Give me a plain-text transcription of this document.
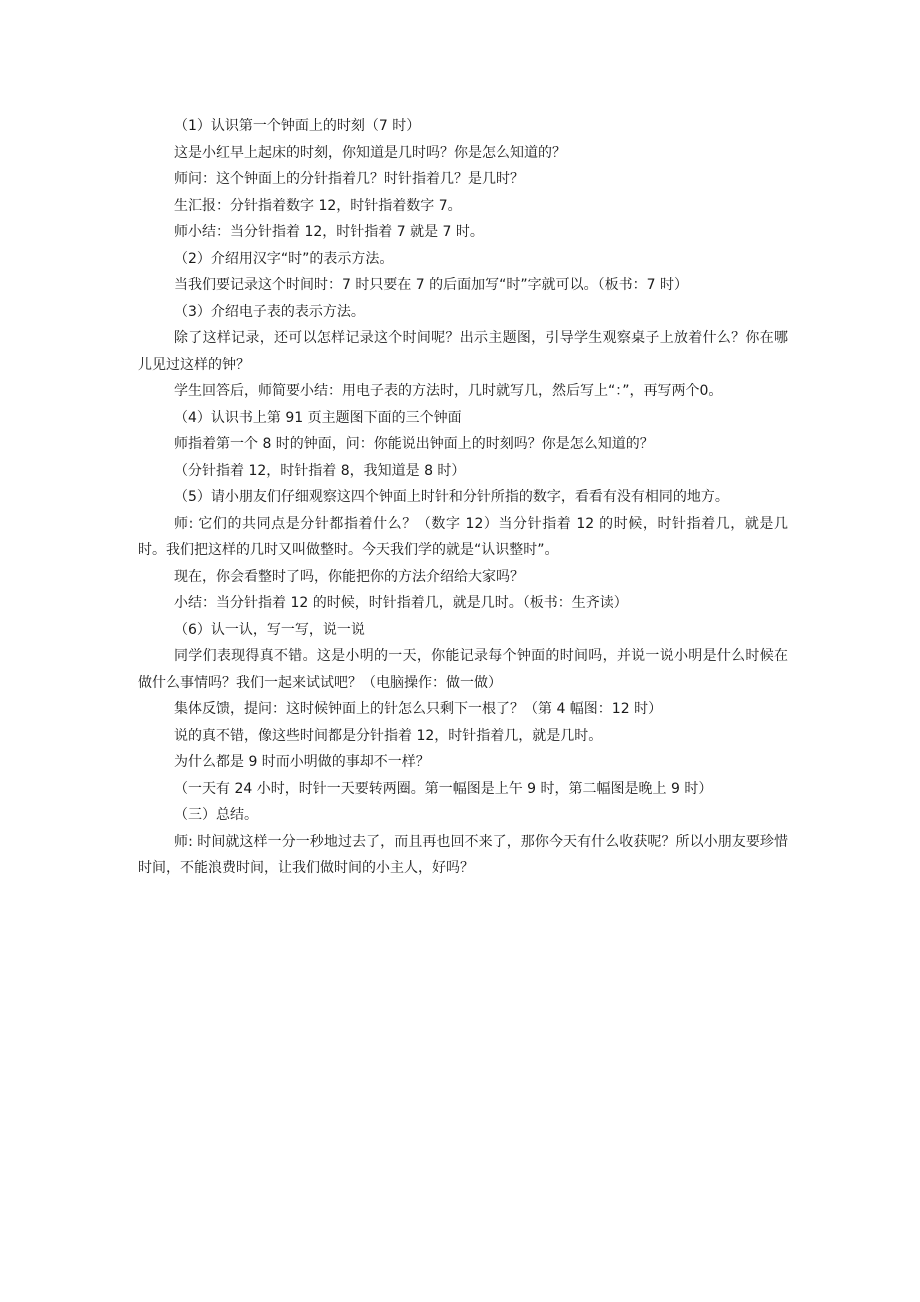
（1）认识第一个钟面上的时刻（7 时）

这是小红早上起床的时刻，你知道是几时吗？你是怎么知道的？

师问：这个钟面上的分针指着几？时针指着几？是几时？

生汇报：分针指着数字 12，时针指着数字 7。

师小结：当分针指着 12，时针指着 7 就是 7 时。

（2）介绍用汉字“时”的表示方法。

当我们要记录这个时间时：7 时只要在 7 的后面加写“时”字就可以。（板书：7 时）

（3）介绍电子表的表示方法。

除了这样记录，还可以怎样记录这个时间呢？出示主题图，引导学生观察桌子上放着什么？你在哪儿见过这样的钟？

学生回答后，师简要小结：用电子表的方法时，几时就写几，然后写上“：”，再写两个0。

（4）认识书上第 91 页主题图下面的三个钟面

师指着第一个 8 时的钟面，问：你能说出钟面上的时刻吗？你是怎么知道的？

（分针指着 12，时针指着 8，我知道是 8 时）

（5）请小朋友们仔细观察这四个钟面上时针和分针所指的数字，看看有没有相同的地方。

师: 它们的共同点是分针都指着什么？（数字 12）当分针指着 12 的时候，时针指着几，就是几时。我们把这样的几时又叫做整时。今天我们学的就是“认识整时”。

现在，你会看整时了吗，你能把你的方法介绍给大家吗？

小结：当分针指着 12 的时候，时针指着几，就是几时。（板书：生齐读）

（6）认一认，写一写，说一说

同学们表现得真不错。这是小明的一天，你能记录每个钟面的时间吗，并说一说小明是什么时候在做什么事情吗？我们一起来试试吧？（电脑操作：做一做）

集体反馈，提问：这时候钟面上的针怎么只剩下一根了？（第 4 幅图：12 时）

说的真不错，像这些时间都是分针指着 12，时针指着几，就是几时。

为什么都是 9 时而小明做的事却不一样？

（一天有 24 小时，时针一天要转两圈。第一幅图是上午 9 时，第二幅图是晚上 9 时）

（三）总结。

师: 时间就这样一分一秒地过去了，而且再也回不来了，那你今天有什么收获呢？所以小朋友要珍惜时间，不能浪费时间，让我们做时间的小主人，好吗？
